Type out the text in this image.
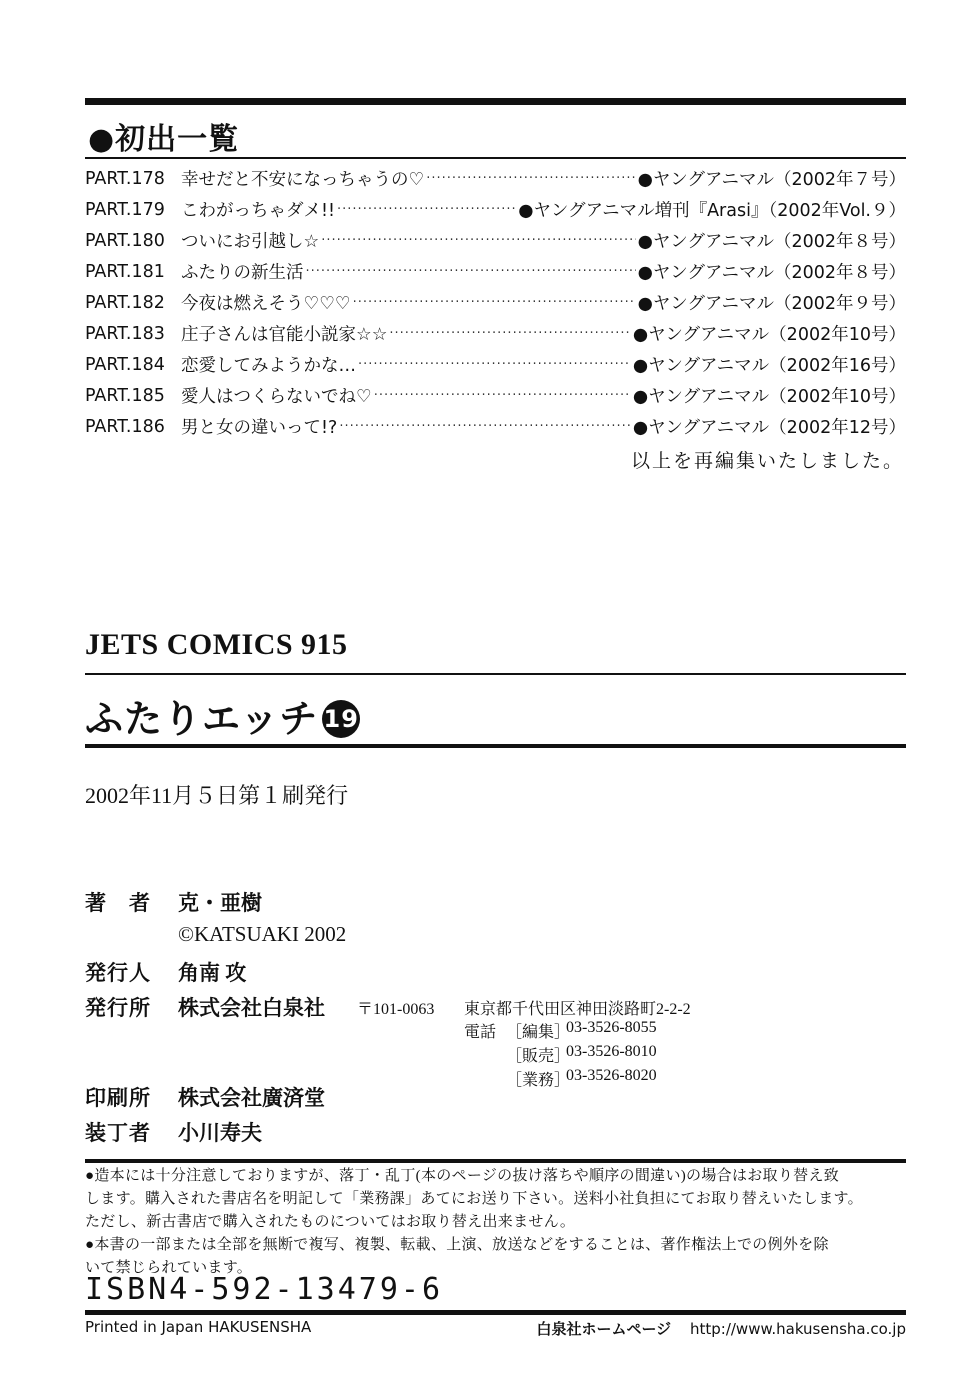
●初出一覧
PART.178 幸せだと不安になっちゃうの♡ ·····	●ヤングアニマル（2002年７号）
PART.179 こわがっちゃダメ!! ·····	●ヤングアニマル増刊『Arasi』（2002年Vol.９）
PART.180 ついにお引越し☆ ·····	●ヤングアニマル（2002年８号）
PART.181 ふたりの新生活 ·····	●ヤングアニマル（2002年８号）
PART.182 今夜は燃えそう♡♡♡ ·····	●ヤングアニマル（2002年９号）
PART.183 庄子さんは官能小説家☆☆ ·····	●ヤングアニマル（2002年10号）
PART.184 恋愛してみようかな… ·····	●ヤングアニマル（2002年16号）
PART.185 愛人はつくらないでね♡ ·····	●ヤングアニマル（2002年10号）
PART.186 男と女の違いって!? ·····	●ヤングアニマル（2002年12号）
以上を再編集いたしました。
JETS COMICS 915
ふたりエッチ 19
2002年11月５日第１刷発行
著　者 克・亜樹
©KATSUAKI 2002
発行人 角南 攻
発行所 株式会社白泉社 〒101-0063 東京都千代田区神田淡路町2-2-2
電話 ［編集］
03-3526-8055
［販売］
03-3526-8010
［業務］
03-3526-8020
印刷所 株式会社廣済堂
装丁者 小川寿夫
●造本には十分注意しておりますが、落丁・乱丁(本のページの抜け落ちや順序の間違い)の場合はお取り替え致
します。購入された書店名を明記して「業務課」あてにお送り下さい。送料小社負担にてお取り替えいたします。
ただし、新古書店で購入されたものについてはお取り替え出来ません。
●本書の一部または全部を無断で複写、複製、転載、上演、放送などをすることは、著作権法上での例外を除
いて禁じられています。
ISBN4-592-13479-6
Printed in Japan HAKUSENSHA	白泉社ホームページ http://www.hakusensha.co.jp
